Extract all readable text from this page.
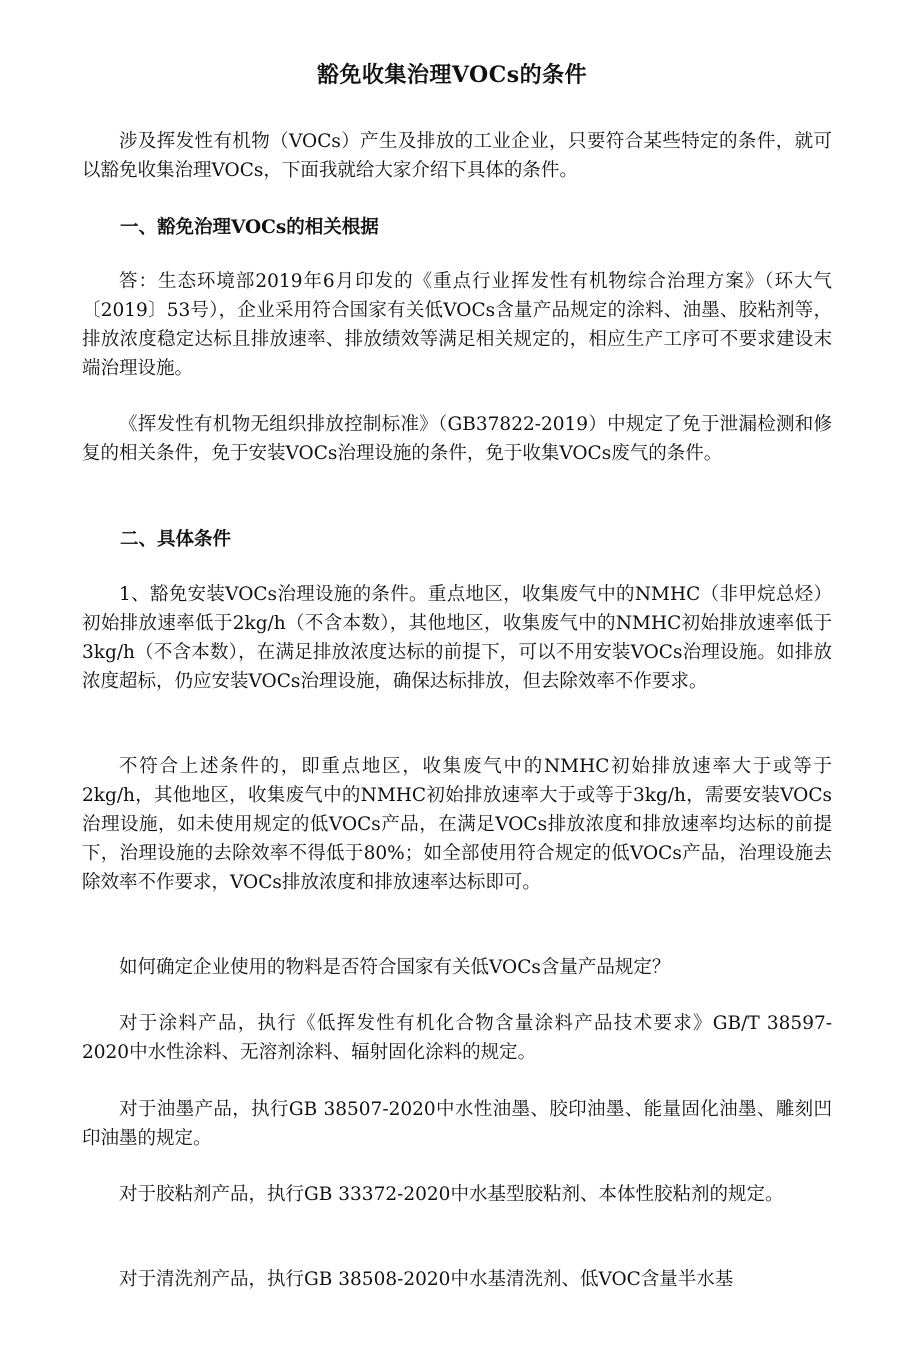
豁免收集治理VOCs的条件

涉及挥发性有机物（VOCs）产生及排放的工业企业，只要符合某些特定的条件，就可以豁免收集治理VOCs，下面我就给大家介绍下具体的条件。

一、豁免治理VOCs的相关根据

答：生态环境部2019年6月印发的《重点行业挥发性有机物综合治理方案》（环大气〔2019〕53号），企业采用符合国家有关低VOCs含量产品规定的涂料、油墨、胶粘剂等，排放浓度稳定达标且排放速率、排放绩效等满足相关规定的，相应生产工序可不要求建设末端治理设施。

《挥发性有机物无组织排放控制标准》（GB37822-2019）中规定了免于泄漏检测和修复的相关条件，免于安装VOCs治理设施的条件，免于收集VOCs废气的条件。

二、具体条件

1、豁免安装VOCs治理设施的条件。重点地区，收集废气中的NMHC（非甲烷总烃）初始排放速率低于2kg/h（不含本数），其他地区，收集废气中的NMHC初始排放速率低于3kg/h（不含本数），在满足排放浓度达标的前提下，可以不用安装VOCs治理设施。如排放浓度超标，仍应安装VOCs治理设施，确保达标排放，但去除效率不作要求。

不符合上述条件的，即重点地区，收集废气中的NMHC初始排放速率大于或等于2kg/h，其他地区，收集废气中的NMHC初始排放速率大于或等于3kg/h，需要安装VOCs治理设施，如未使用规定的低VOCs产品，在满足VOCs排放浓度和排放速率均达标的前提下，治理设施的去除效率不得低于80%；如全部使用符合规定的低VOCs产品，治理设施去除效率不作要求，VOCs排放浓度和排放速率达标即可。

如何确定企业使用的物料是否符合国家有关低VOCs含量产品规定？

对于涂料产品，执行《低挥发性有机化合物含量涂料产品技术要求》GB/T 38597-2020中水性涂料、无溶剂涂料、辐射固化涂料的规定。

对于油墨产品，执行GB 38507-2020中水性油墨、胶印油墨、能量固化油墨、雕刻凹印油墨的规定。

对于胶粘剂产品，执行GB 33372-2020中水基型胶粘剂、本体性胶粘剂的规定。

对于清洗剂产品，执行GB 38508-2020中水基清洗剂、低VOC含量半水基
